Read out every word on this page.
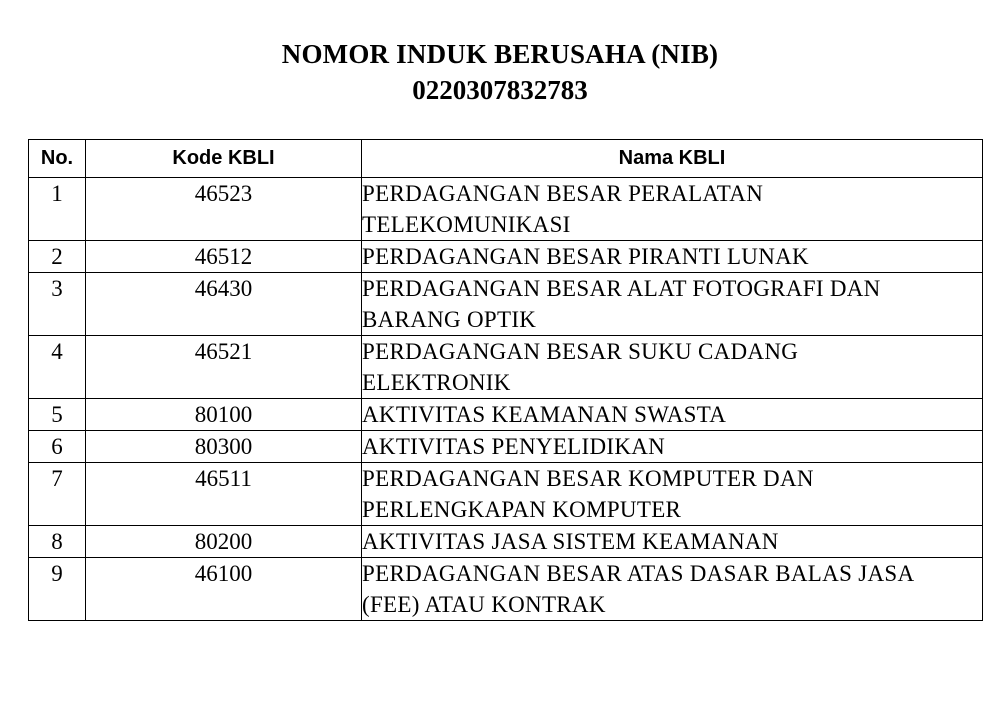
NOMOR INDUK BERUSAHA (NIB)
0220307832783
No.	Kode KBLI	Nama KBLI
1	46523	PERDAGANGAN BESAR PERALATAN
TELEKOMUNIKASI

2	46512	PERDAGANGAN BESAR PIRANTI LUNAK

3	46430	PERDAGANGAN BESAR ALAT FOTOGRAFI DAN
BARANG OPTIK

4	46521	PERDAGANGAN BESAR SUKU CADANG
ELEKTRONIK

5	80100	AKTIVITAS KEAMANAN SWASTA

6	80300	AKTIVITAS PENYELIDIKAN

7	46511	PERDAGANGAN BESAR KOMPUTER DAN
PERLENGKAPAN KOMPUTER

8	80200	AKTIVITAS JASA SISTEM KEAMANAN

9	46100	PERDAGANGAN BESAR ATAS DASAR BALAS JASA
(FEE) ATAU KONTRAK
